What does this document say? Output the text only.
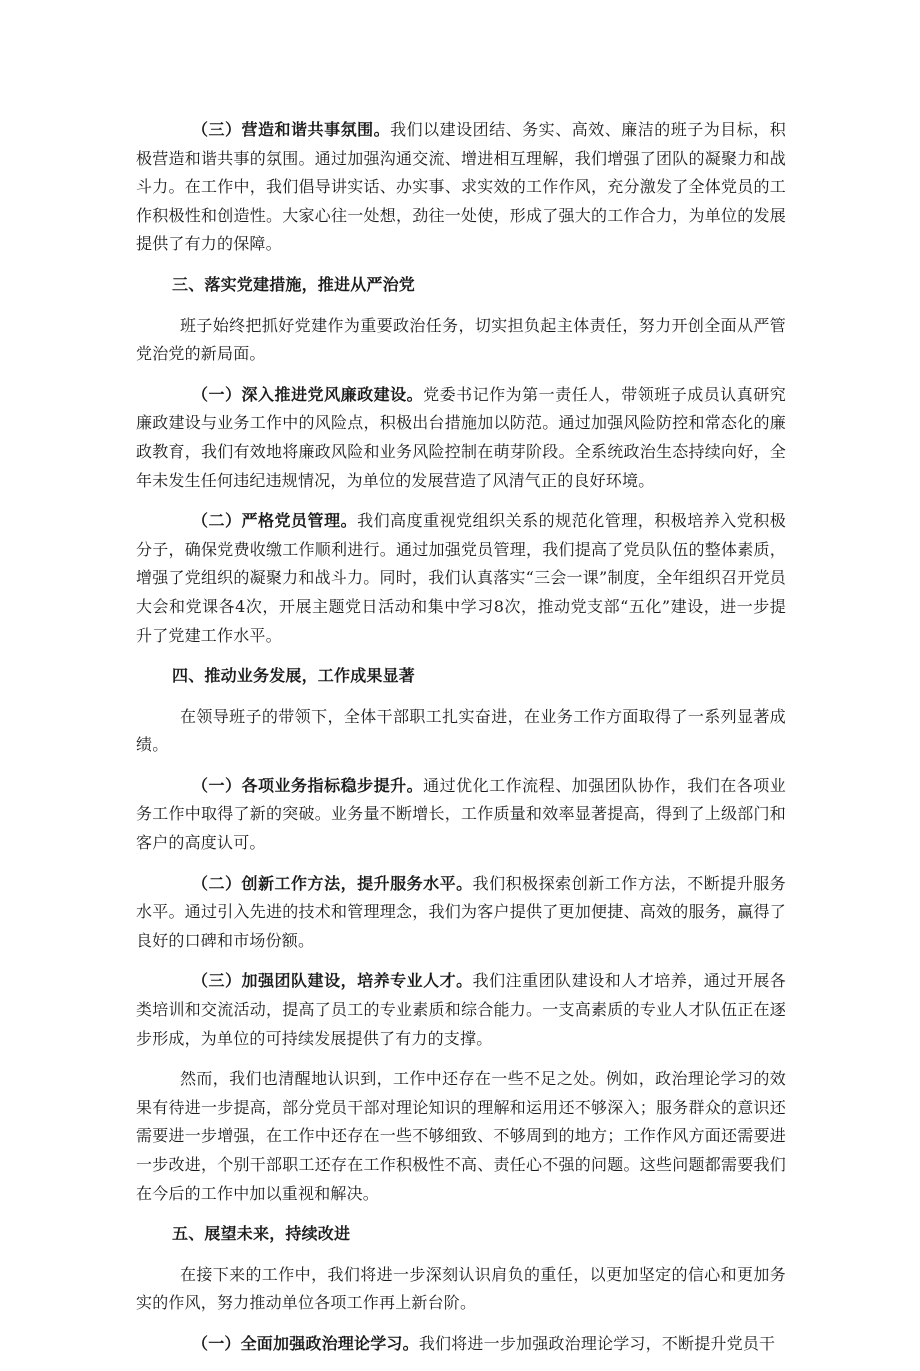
（三）营造和谐共事氛围。我们以建设团结、务实、高效、廉洁的班子为目标，积极营造和谐共事的氛围。通过加强沟通交流、增进相互理解，我们增强了团队的凝聚力和战斗力。在工作中，我们倡导讲实话、办实事、求实效的工作作风，充分激发了全体党员的工作积极性和创造性。大家心往一处想，劲往一处使，形成了强大的工作合力，为单位的发展提供了有力的保障。

三、落实党建措施，推进从严治党

班子始终把抓好党建作为重要政治任务，切实担负起主体责任，努力开创全面从严管党治党的新局面。

（一）深入推进党风廉政建设。党委书记作为第一责任人，带领班子成员认真研究廉政建设与业务工作中的风险点，积极出台措施加以防范。通过加强风险防控和常态化的廉政教育，我们有效地将廉政风险和业务风险控制在萌芽阶段。全系统政治生态持续向好，全年未发生任何违纪违规情况，为单位的发展营造了风清气正的良好环境。

（二）严格党员管理。我们高度重视党组织关系的规范化管理，积极培养入党积极分子，确保党费收缴工作顺利进行。通过加强党员管理，我们提高了党员队伍的整体素质，增强了党组织的凝聚力和战斗力。同时，我们认真落实“三会一课”制度，全年组织召开党员大会和党课各4次，开展主题党日活动和集中学习8次，推动党支部“五化”建设，进一步提升了党建工作水平。

四、推动业务发展，工作成果显著

在领导班子的带领下，全体干部职工扎实奋进，在业务工作方面取得了一系列显著成绩。

（一）各项业务指标稳步提升。通过优化工作流程、加强团队协作，我们在各项业务工作中取得了新的突破。业务量不断增长，工作质量和效率显著提高，得到了上级部门和客户的高度认可。

（二）创新工作方法，提升服务水平。我们积极探索创新工作方法，不断提升服务水平。通过引入先进的技术和管理理念，我们为客户提供了更加便捷、高效的服务，赢得了良好的口碑和市场份额。

（三）加强团队建设，培养专业人才。我们注重团队建设和人才培养，通过开展各类培训和交流活动，提高了员工的专业素质和综合能力。一支高素质的专业人才队伍正在逐步形成，为单位的可持续发展提供了有力的支撑。

然而，我们也清醒地认识到，工作中还存在一些不足之处。例如，政治理论学习的效果有待进一步提高，部分党员干部对理论知识的理解和运用还不够深入；服务群众的意识还需要进一步增强，在工作中还存在一些不够细致、不够周到的地方；工作作风方面还需要进一步改进，个别干部职工还存在工作积极性不高、责任心不强的问题。这些问题都需要我们在今后的工作中加以重视和解决。

五、展望未来，持续改进

在接下来的工作中，我们将进一步深刻认识肩负的重任，以更加坚定的信心和更加务实的作风，努力推动单位各项工作再上新台阶。

（一）全面加强政治理论学习。我们将进一步加强政治理论学习，不断提升党员干
